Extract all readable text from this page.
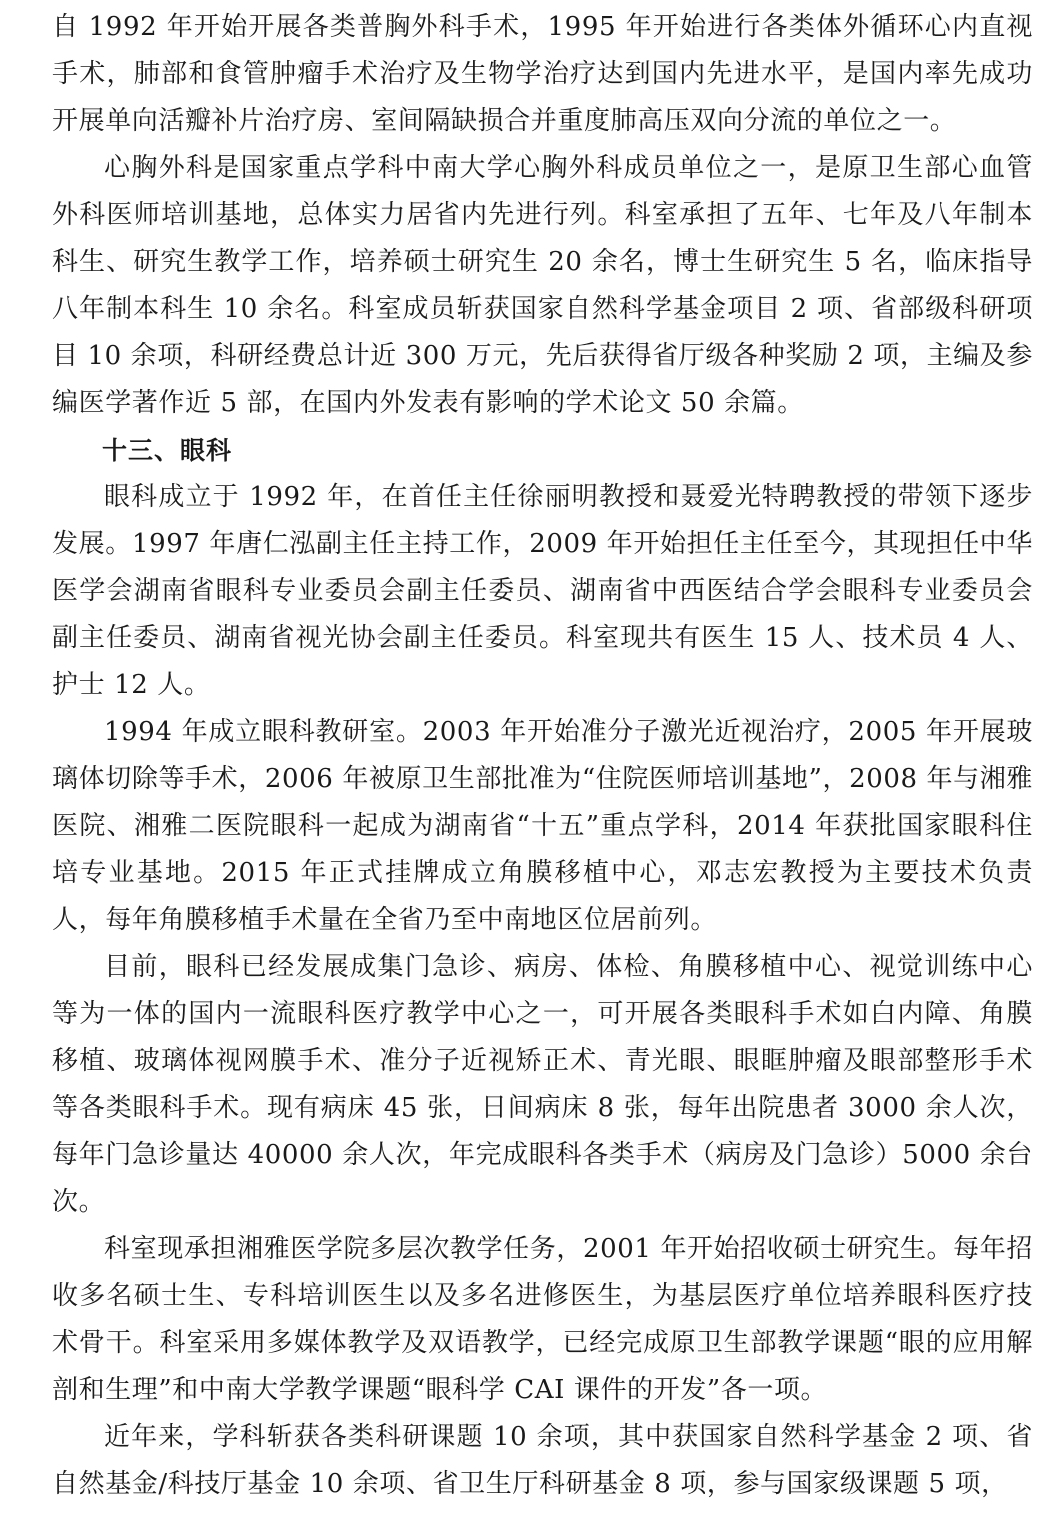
自 1992 年开始开展各类普胸外科手术，1995 年开始进行各类体外循环心内直视手术，肺部和食管肿瘤手术治疗及生物学治疗达到国内先进水平，是国内率先成功开展单向活瓣补片治疗房、室间隔缺损合并重度肺高压双向分流的单位之一。

心胸外科是国家重点学科中南大学心胸外科成员单位之一，是原卫生部心血管外科医师培训基地，总体实力居省内先进行列。科室承担了五年、七年及八年制本科生、研究生教学工作，培养硕士研究生 20 余名，博士生研究生 5 名，临床指导八年制本科生 10 余名。科室成员斩获国家自然科学基金项目 2 项、省部级科研项目 10 余项，科研经费总计近 300 万元，先后获得省厅级各种奖励 2 项，主编及参编医学著作近 5 部，在国内外发表有影响的学术论文 50 余篇。

十三、眼科

眼科成立于 1992 年，在首任主任徐丽明教授和聂爱光特聘教授的带领下逐步发展。1997 年唐仁泓副主任主持工作，2009 年开始担任主任至今，其现担任中华医学会湖南省眼科专业委员会副主任委员、湖南省中西医结合学会眼科专业委员会副主任委员、湖南省视光协会副主任委员。科室现共有医生 15 人、技术员 4 人、护士 12 人。

1994 年成立眼科教研室。2003 年开始准分子激光近视治疗，2005 年开展玻璃体切除等手术，2006 年被原卫生部批准为“住院医师培训基地”，2008 年与湘雅医院、湘雅二医院眼科一起成为湖南省“十五”重点学科，2014 年获批国家眼科住培专业基地。2015 年正式挂牌成立角膜移植中心，邓志宏教授为主要技术负责人，每年角膜移植手术量在全省乃至中南地区位居前列。

目前，眼科已经发展成集门急诊、病房、体检、角膜移植中心、视觉训练中心等为一体的国内一流眼科医疗教学中心之一，可开展各类眼科手术如白内障、角膜移植、玻璃体视网膜手术、准分子近视矫正术、青光眼、眼眶肿瘤及眼部整形手术等各类眼科手术。现有病床 45 张，日间病床 8 张，每年出院患者 3000 余人次，每年门急诊量达 40000 余人次，年完成眼科各类手术（病房及门急诊）5000 余台次。

科室现承担湘雅医学院多层次教学任务，2001 年开始招收硕士研究生。每年招收多名硕士生、专科培训医生以及多名进修医生，为基层医疗单位培养眼科医疗技术骨干。科室采用多媒体教学及双语教学，已经完成原卫生部教学课题“眼的应用解剖和生理”和中南大学教学课题“眼科学 CAI 课件的开发”各一项。

近年来，学科斩获各类科研课题 10 余项，其中获国家自然科学基金 2 项、省自然基金/科技厅基金 10 余项、省卫生厅科研基金 8 项，参与国家级课题 5 项，
